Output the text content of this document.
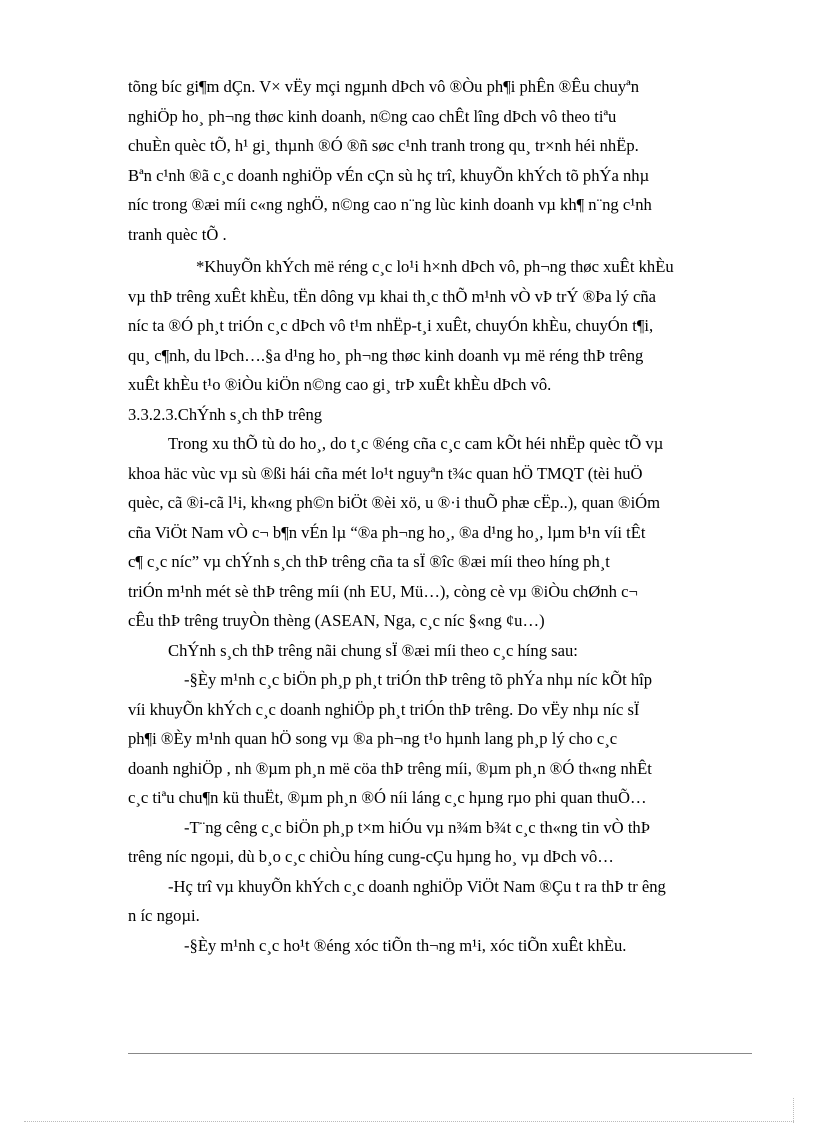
tõng bíc gi¶m dÇn. V× vËy mçi ngµnh dÞch vô ®Òu ph¶i phÊn ®Êu chuyªn
nghiÖp ho¸ ph¬ng thøc kinh doanh, n©ng cao chÊt lîng dÞch vô theo tiªu
chuÈn quèc tÕ, h¹ gi¸ thµnh ®Ó ®ñ søc c¹nh tranh trong qu¸ tr×nh héi nhËp.
Bªn c¹nh ®ã c¸c doanh nghiÖp vÉn cÇn sù hç trî, khuyÕn khÝch tõ phÝa nhµ
níc trong ®æi míi c«ng nghÖ, n©ng cao n¨ng lùc kinh doanh vµ kh¶ n¨ng c¹nh
tranh quèc tÕ .
*KhuyÕn khÝch më réng c¸c lo¹i h×nh dÞch vô, ph¬ng thøc xuÊt khÈu
vµ thÞ trêng xuÊt khÈu, tËn dông vµ khai th¸c thÕ m¹nh vÒ vÞ trÝ ®Þa lý cña
níc ta ®Ó ph¸t triÓn c¸c dÞch vô t¹m nhËp-t¸i xuÊt, chuyÓn khÈu, chuyÓn t¶i,
qu¸ c¶nh, du lÞch….§a d¹ng ho¸ ph¬ng thøc kinh doanh vµ më réng thÞ trêng
xuÊt khÈu t¹o ®iÒu kiÖn n©ng cao gi¸ trÞ xuÊt khÈu dÞch vô.
3.3.2.3.ChÝnh s¸ch thÞ trêng
Trong xu thÕ tù do ho¸, do t¸c ®éng cña c¸c cam kÕt héi nhËp quèc tÕ vµ
khoa häc vùc vµ sù ®ßi hái cña mét lo¹t nguyªn t¾c quan hÖ TMQT (tèi huÖ
quèc, cã ®i-cã l¹i, kh«ng ph©n biÖt ®èi xö, u ®·i thuÕ phæ cËp..), quan ®iÓm
cña ViÖt Nam vÒ c¬ b¶n vÉn lµ “®a ph¬ng ho¸, ®a d¹ng ho¸, lµm b¹n víi tÊt
c¶ c¸c níc” vµ chÝnh s¸ch thÞ trêng cña ta sÏ ®îc ®æi míi theo híng ph¸t
triÓn m¹nh mét sè thÞ trêng míi (nh EU, Mü…), còng cè vµ ®iÒu chØnh c¬
cÊu thÞ trêng truyÒn thèng (ASEAN, Nga, c¸c níc §«ng ¢u…)
ChÝnh s¸ch thÞ trêng nãi chung sÏ ®æi míi theo c¸c híng sau:
-§Èy m¹nh c¸c biÖn ph¸p ph¸t triÓn thÞ trêng tõ phÝa nhµ níc kÕt hîp
víi khuyÕn khÝch c¸c doanh nghiÖp ph¸t triÓn thÞ trêng. Do vËy nhµ níc sÏ
ph¶i ®Èy m¹nh quan hÖ song vµ ®a ph¬ng t¹o hµnh lang ph¸p lý cho c¸c
doanh nghiÖp , nh ®µm ph¸n më cöa thÞ trêng míi, ®µm ph¸n ®Ó th«ng nhÊt
c¸c tiªu chu¶n kü thuËt, ®µm ph¸n ®Ó níi láng c¸c hµng rµo phi quan thuÕ…
-T¨ng cêng c¸c biÖn ph¸p t×m hiÓu vµ n¾m b¾t c¸c th«ng tin vÒ thÞ
trêng níc ngoµi, dù b¸o c¸c chiÒu híng cung-cÇu hµng ho¸ vµ dÞch vô…
-Hç trî vµ khuyÕn khÝch c¸c doanh nghiÖp ViÖt Nam ®Çu t ra thÞ tr êng
n íc ngoµi.
-§Èy m¹nh c¸c ho¹t ®éng xóc tiÕn th¬ng m¹i, xóc tiÕn xuÊt khÈu.
